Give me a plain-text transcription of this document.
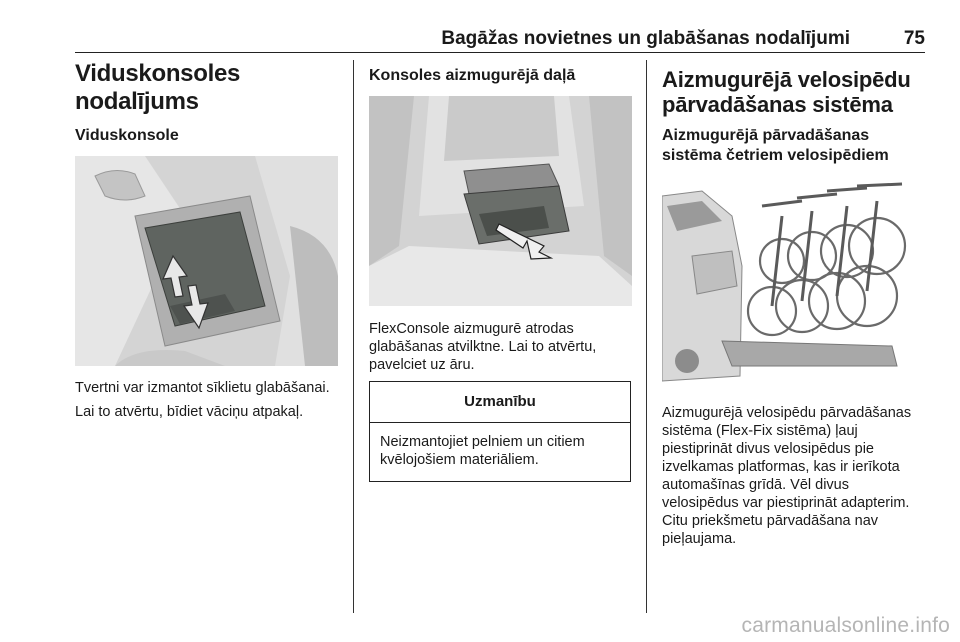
Bagāžas novietnes un glabāšanas nodalījumi	75
Viduskonsoles nodalījums
Viduskonsole

Tvertni var izmantot sīklietu glabāšanai.

Lai to atvērtu, bīdiet vāciņu atpakaļ.

Konsoles aizmugurējā daļā

FlexConsole aizmugurē atrodas glabāšanas atvilktne. Lai to atvērtu, pavelciet uz āru.

Uzmanību
Neizmantojiet pelniem un citiem kvēlojošiem materiāliem.
Aizmugurējā velosipēdu pārvadāšanas sistēma
Aizmugurējā pārvadāšanas sistēma četriem velosipēdiem

Aizmugurējā velosipēdu pārvadāšanas sistēma (Flex-Fix sistēma) ļauj piestiprināt divus velosipēdus pie izvelkamas platformas, kas ir ierīkota automašīnas grīdā. Vēl divus velosipēdus var piestiprināt adapterim. Citu priekšmetu pārvadāšana nav pieļaujama.

carmanualsonline.info
